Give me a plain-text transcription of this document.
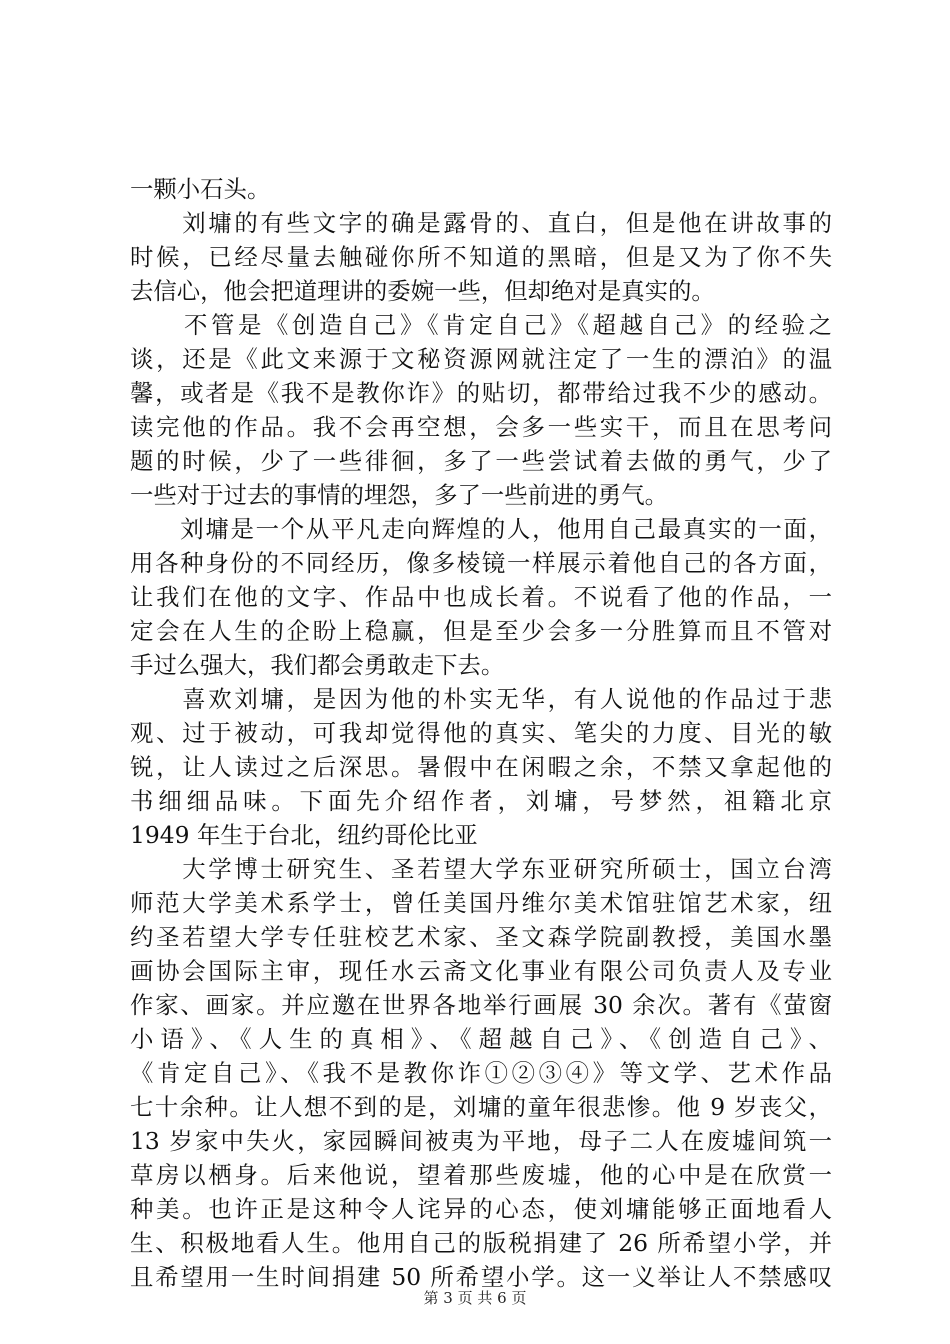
一颗小石头。
　　刘墉的有些文字的确是露骨的、直白，但是他在讲故事的
时候，已经尽量去触碰你所不知道的黑暗，但是又为了你不失
去信心，他会把道理讲的委婉一些，但却绝对是真实的。
　　不管是《创造自己》《肯定自己》《超越自己》的经验之
谈，还是《此文来源于文秘资源网就注定了一生的漂泊》的温
馨，或者是《我不是教你诈》的贴切，都带给过我不少的感动。
读完他的作品。我不会再空想，会多一些实干，而且在思考问
题的时候，少了一些徘徊，多了一些尝试着去做的勇气，少了
一些对于过去的事情的埋怨，多了一些前进的勇气。
　　刘墉是一个从平凡走向辉煌的人，他用自己最真实的一面，
用各种身份的不同经历，像多棱镜一样展示着他自己的各方面，
让我们在他的文字、作品中也成长着。不说看了他的作品，一
定会在人生的企盼上稳赢，但是至少会多一分胜算而且不管对
手过么强大，我们都会勇敢走下去。
　　喜欢刘墉，是因为他的朴实无华，有人说他的作品过于悲
观、过于被动，可我却觉得他的真实、笔尖的力度、目光的敏
锐，让人读过之后深思。暑假中在闲暇之余，不禁又拿起他的
书细细品味。下面先介绍作者，刘墉，号梦然，祖籍北京
1949 年生于台北，纽约哥伦比亚
　　大学博士研究生、圣若望大学东亚研究所硕士，国立台湾
师范大学美术系学士，曾任美国丹维尔美术馆驻馆艺术家，纽
约圣若望大学专任驻校艺术家、圣文森学院副教授，美国水墨
画协会国际主审，现任水云斋文化事业有限公司负责人及专业
作家、画家。并应邀在世界各地举行画展 30 余次。著有《萤窗
小语》、《人生的真相》、《超越自己》、《创造自己》、
《肯定自己》、《我不是教你诈①②③④》等文学、艺术作品
七十余种。让人想不到的是，刘墉的童年很悲惨。他 9 岁丧父，
13 岁家中失火，家园瞬间被夷为平地，母子二人在废墟间筑一
草房以栖身。后来他说，望着那些废墟，他的心中是在欣赏一
种美。也许正是这种令人诧异的心态，使刘墉能够正面地看人
生、积极地看人生。他用自己的版税捐建了 26 所希望小学，并
且希望用一生时间捐建 50 所希望小学。这一义举让人不禁感叹
第 3 页 共 6 页
